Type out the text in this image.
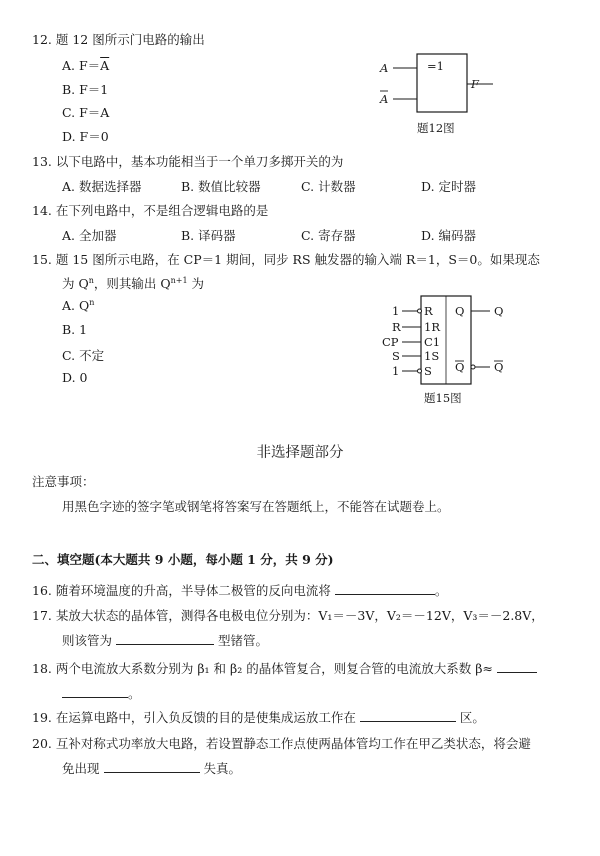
12. 题 12 图所示门电路的输出
A. $F=\overline{A}$
B. F＝1
C. F＝A
D. F＝0
=1
A
A
F
题12图
13. 以下电路中，基本功能相当于一个单刀多掷开关的为
A. 数据选择器	B. 数值比较器	C. 计数器	D. 定时器
14. 在下列电路中，不是组合逻辑电路的是
A. 全加器	B. 译码器	C. 寄存器	D. 编码器
15. 题 15 图所示电路，在 CP＝1 期间，同步 RS 触发器的输入端 R＝1，S＝0。如果现态
为 $Q^n$，则其输出 $Q^{n+1}$ 为
A. $Q^n$
B. 1
C. 不定
D. 0
1
R
CP
S
1
R
1R
C1
1S
S
Q	Q
Q	Q
题15图
非选择题部分
注意事项：
用黑色字迹的签字笔或钢笔将答案写在答题纸上，不能答在试题卷上。
二、填空题(本大题共 9 小题，每小题 1 分，共 9 分)
16. 随着环境温度的升高，半导体二极管的反向电流将	。
17. 某放大状态的晶体管，测得各电极电位分别为：V₁＝－3V，V₂＝－12V，V₃＝－2.8V，
则该管为	型锗管。
18. 两个电流放大系数分别为 β₁ 和 β₂ 的晶体管复合，则复合管的电流放大系数 β≈
。
19. 在运算电路中，引入负反馈的目的是使集成运放工作在	区。
20. 互补对称式功率放大电路，若设置静态工作点使两晶体管均工作在甲乙类状态，将会避
免出现	失真。
